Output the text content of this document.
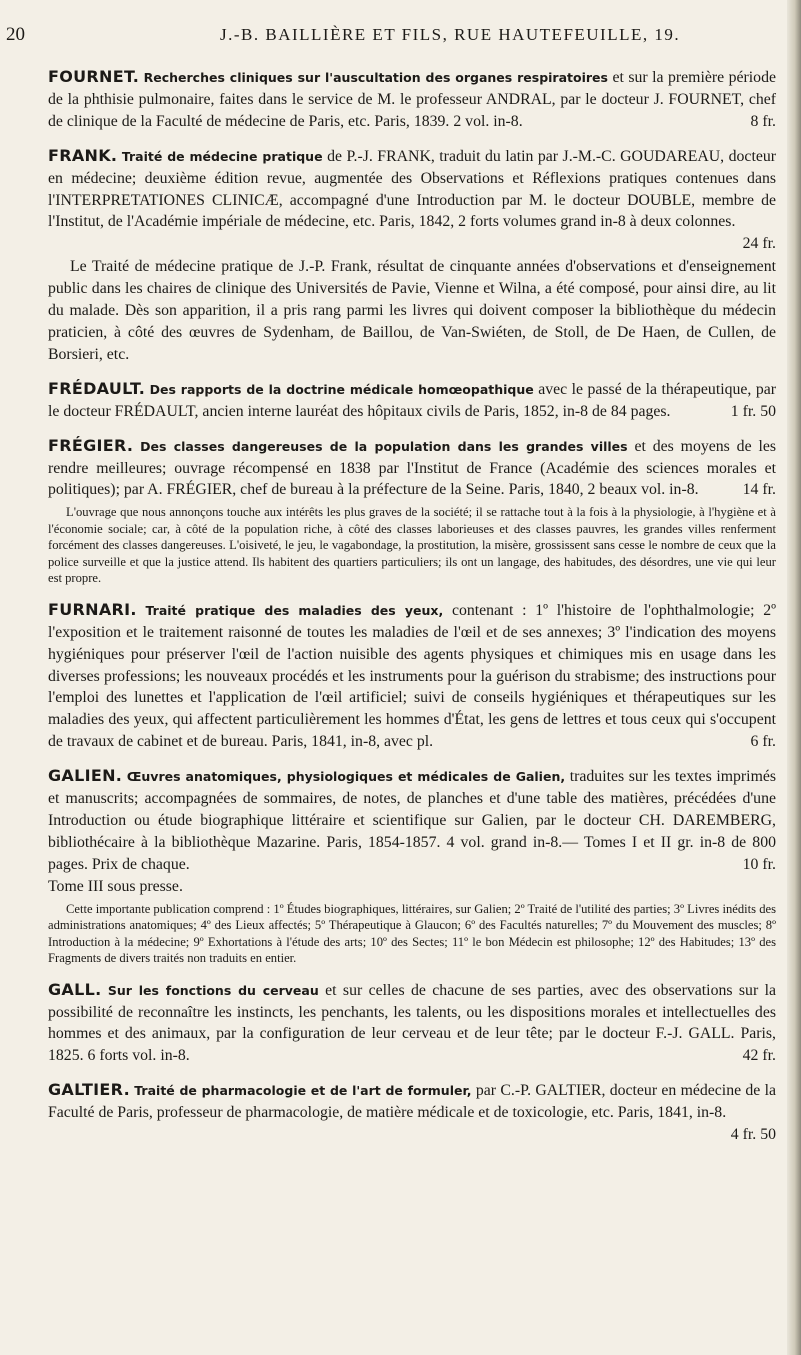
20	J.-B. BAILLIÈRE ET FILS, RUE HAUTEFEUILLE, 19.
FOURNET. Recherches cliniques sur l'auscultation des organes respiratoires et sur la première période de la phthisie pulmonaire, faites dans le service de M. le professeur ANDRAL, par le docteur J. FOURNET, chef de clinique de la Faculté de médecine de Paris, etc. Paris, 1839. 2 vol. in-8.	8 fr.
FRANK. Traité de médecine pratique de P.-J. FRANK, traduit du latin par J.-M.-C. GOUDAREAU, docteur en médecine; deuxième édition revue, augmentée des Observations et Réflexions pratiques contenues dans l'INTERPRETATIONES CLINICÆ, accompagné d'une Introduction par M. le docteur DOUBLE, membre de l'Institut, de l'Académie impériale de médecine, etc. Paris, 1842, 2 forts volumes grand in-8 à deux colonnes.
24 fr.
Le Traité de médecine pratique de J.-P. Frank, résultat de cinquante années d'observations et d'enseignement public dans les chaires de clinique des Universités de Pavie, Vienne et Wilna, a été composé, pour ainsi dire, au lit du malade. Dès son apparition, il a pris rang parmi les livres qui doivent composer la bibliothèque du médecin praticien, à côté des œuvres de Sydenham, de Baillou, de Van-Swiéten, de Stoll, de De Haen, de Cullen, de Borsieri, etc.
FRÉDAULT. Des rapports de la doctrine médicale homœopathique avec le passé de la thérapeutique, par le docteur FRÉDAULT, ancien interne lauréat des hôpitaux civils de Paris, 1852, in-8 de 84 pages.	1 fr. 50
FRÉGIER. Des classes dangereuses de la population dans les grandes villes et des moyens de les rendre meilleures; ouvrage récompensé en 1838 par l'Institut de France (Académie des sciences morales et politiques); par A. FRÉGIER, chef de bureau à la préfecture de la Seine. Paris, 1840, 2 beaux vol. in-8.	14 fr.
L'ouvrage que nous annonçons touche aux intérêts les plus graves de la société; il se rattache tout à la fois à la physiologie, à l'hygiène et à l'économie sociale; car, à côté de la population riche, à côté des classes laborieuses et des classes pauvres, les grandes villes renferment forcément des classes dangereuses. L'oisiveté, le jeu, le vagabondage, la prostitution, la misère, grossissent sans cesse le nombre de ceux que la police surveille et que la justice attend. Ils habitent des quartiers particuliers; ils ont un langage, des habitudes, des désordres, une vie qui leur est propre.
FURNARI. Traité pratique des maladies des yeux, contenant : 1º l'histoire de l'ophthalmologie; 2º l'exposition et le traitement raisonné de toutes les maladies de l'œil et de ses annexes; 3º l'indication des moyens hygiéniques pour préserver l'œil de l'action nuisible des agents physiques et chimiques mis en usage dans les diverses professions; les nouveaux procédés et les instruments pour la guérison du strabisme; des instructions pour l'emploi des lunettes et l'application de l'œil artificiel; suivi de conseils hygiéniques et thérapeutiques sur les maladies des yeux, qui affectent particulièrement les hommes d'État, les gens de lettres et tous ceux qui s'occupent de travaux de cabinet et de bureau. Paris, 1841, in-8, avec pl.	6 fr.
GALIEN. Œuvres anatomiques, physiologiques et médicales de Galien, traduites sur les textes imprimés et manuscrits; accompagnées de sommaires, de notes, de planches et d'une table des matières, précédées d'une Introduction ou étude biographique littéraire et scientifique sur Galien, par le docteur CH. DAREMBERG, bibliothécaire à la bibliothèque Mazarine. Paris, 1854-1857. 4 vol. grand in-8.— Tomes I et II gr. in-8 de 800 pages. Prix de chaque.	10 fr.
Tome III sous presse.
Cette importante publication comprend : 1º Études biographiques, littéraires, sur Galien; 2º Traité de l'utilité des parties; 3º Livres inédits des administrations anatomiques; 4º des Lieux affectés; 5º Thérapeutique à Glaucon; 6º des Facultés naturelles; 7º du Mouvement des muscles; 8º Introduction à la médecine; 9º Exhortations à l'étude des arts; 10º des Sectes; 11º le bon Médecin est philosophe; 12º des Habitudes; 13º des Fragments de divers traités non traduits en entier.
GALL. Sur les fonctions du cerveau et sur celles de chacune de ses parties, avec des observations sur la possibilité de reconnaître les instincts, les penchants, les talents, ou les dispositions morales et intellectuelles des hommes et des animaux, par la configuration de leur cerveau et de leur tête; par le docteur F.-J. GALL. Paris, 1825. 6 forts vol. in-8.	42 fr.
GALTIER. Traité de pharmacologie et de l'art de formuler, par C.-P. GALTIER, docteur en médecine de la Faculté de Paris, professeur de pharmacologie, de matière médicale et de toxicologie, etc. Paris, 1841, in-8.
4 fr. 50
